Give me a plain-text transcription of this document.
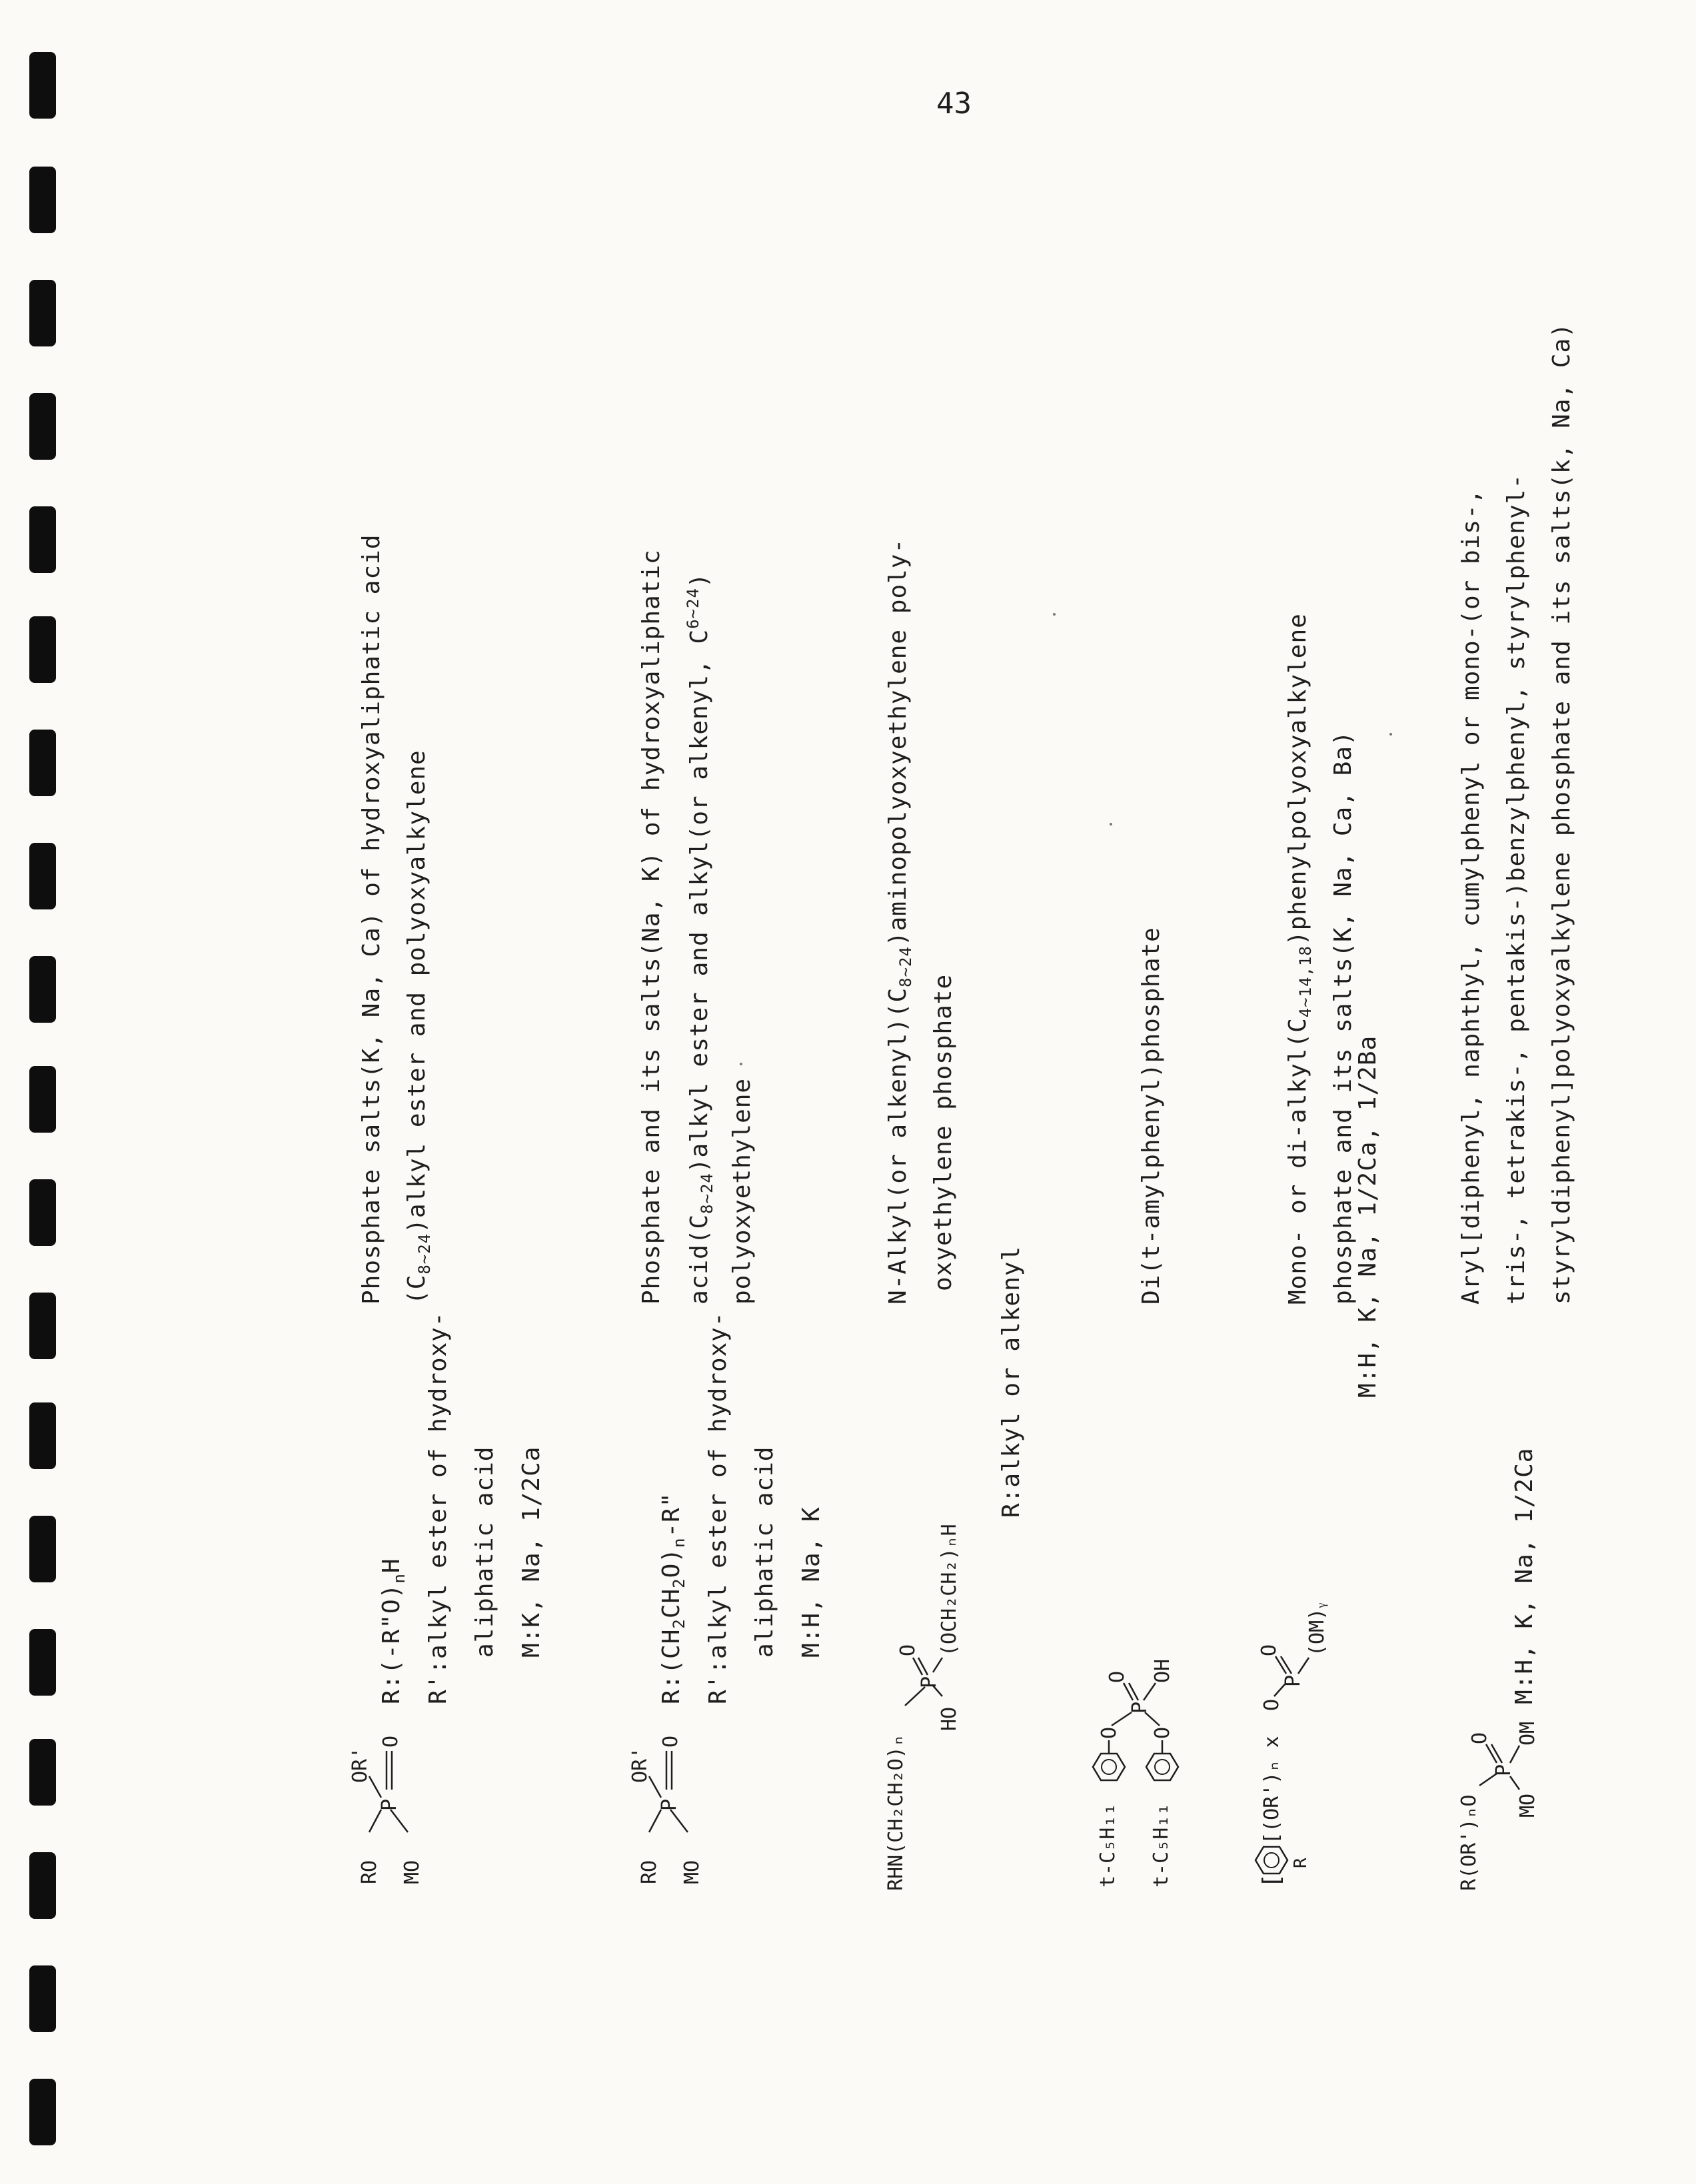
43
RO MO
P
OR'
O
$R:(-R"O)_nH$ R':alkyl ester of hydroxy- aliphatic acid M:K, Na, 1/2Ca
Phosphate salts(K, Na, Ca) of hydroxyaliphatic acid $(C_{8\sim 24})alkyl$ ester and polyoxyalkylene
RO MO
P
OR'
O
$R:(CH_2CH_2O)_n-R$" R':alkyl ester of hydroxy- aliphatic acid M:H, Na, K
Phosphate and its salts(Na, K) of hydroxyaliphatic $acid(C_{8\sim 24})alkyl$ ester and alkyl(or alkenyl, $C^{6\sim 24}$)
polyoxyethylene
RHN(CH₂CH₂O)ₙ
HO
P
O (OCH₂CH₂)ₙH
R:alkyl or alkenyl
N-Alkyl(or $alkenyl)(C_{8\sim 24})aminopolyoxyethylene$ poly-
oxyethylene phosphate
t-C₅H₁₁ t-C₅H₁₁
O O
P
O OH
Di(t-amylphenyl)phosphate
[
R
[(OR')ₙ x
O
P
O (OM)ᵧ
M:H, K, Na, 1/2Ca, 1/2Ba
Mono- or $di-alkyl(C_{4\sim 14,18})phenylpolyoxyalkylene$ phosphate and its salts(K, Na, Ca, Ba)
R(OR')ₙO
P
O
MO
OM
M:H, K, Na, 1/2Ca
Aryl[diphenyl, naphthyl, cumylphenyl or mono-(or bis-, tris-, tetrakis-, pentakis-)benzylphenyl, styrylphenyl- styryldiphenyl]polyoxyalkylene phosphate and its salts(k, Na, Ca)
